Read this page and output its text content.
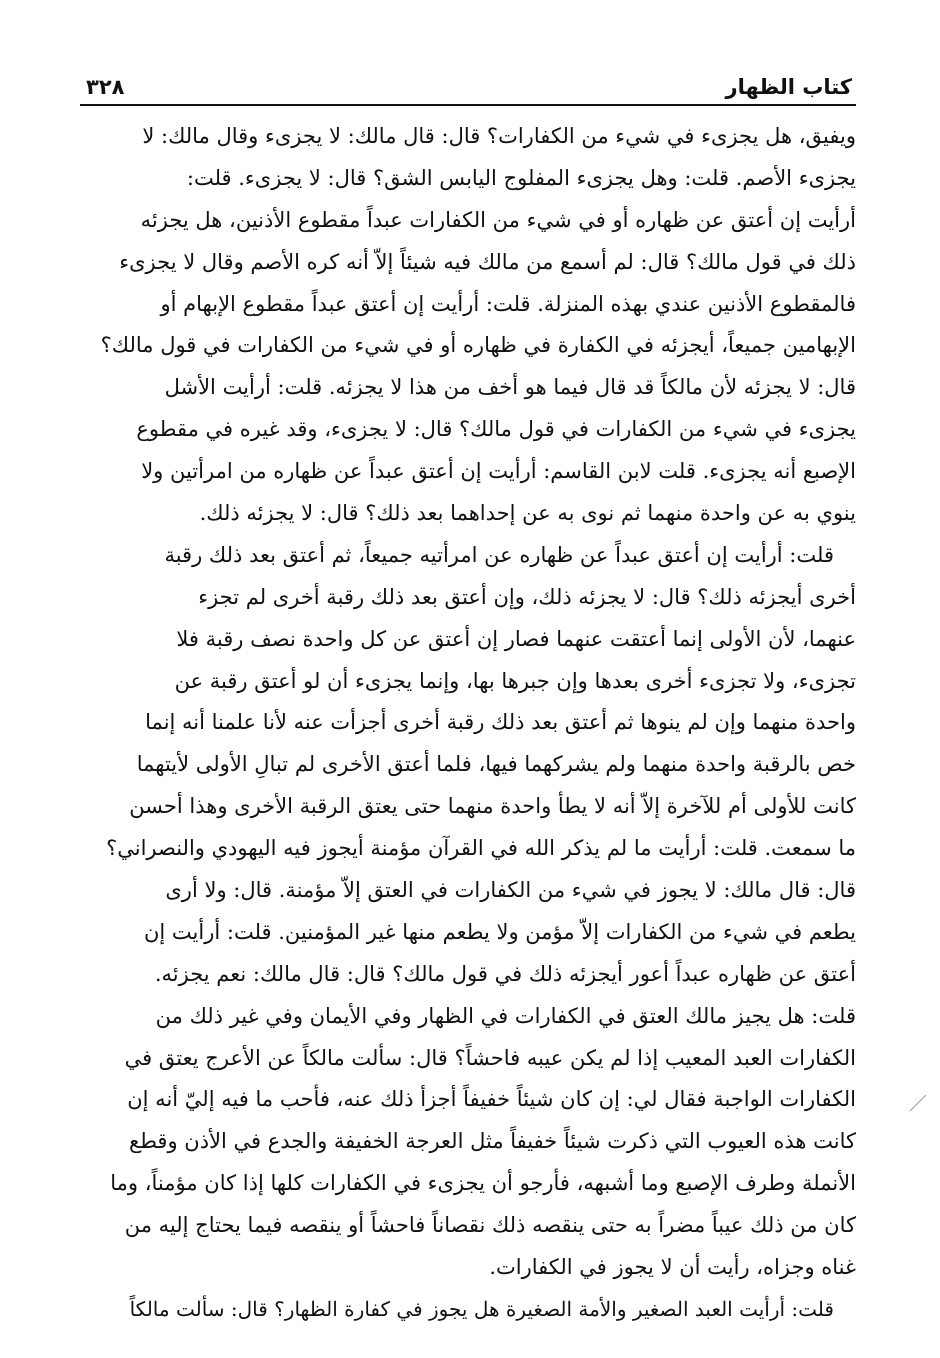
كتاب الظهار
٣٢٨
ويفيق، هل يجزىء في شيء من الكفارات؟ قال: قال مالك: لا يجزىء وقال مالك: لا
يجزىء الأصم. قلت: وهل يجزىء المفلوج اليابس الشق؟ قال: لا يجزىء. قلت:
أرأيت إن أعتق عن ظهاره أو في شيء من الكفارات عبداً مقطوع الأذنين، هل يجزئه
ذلك في قول مالك؟ قال: لم أسمع من مالك فيه شيئاً إلاّ أنه كره الأصم وقال لا يجزىء
فالمقطوع الأذنين عندي بهذه المنزلة. قلت: أرأيت إن أعتق عبداً مقطوع الإبهام أو
الإبهامين جميعاً، أيجزئه في الكفارة في ظهاره أو في شيء من الكفارات في قول مالك؟
قال: لا يجزئه لأن مالكاً قد قال فيما هو أخف من هذا لا يجزئه. قلت: أرأيت الأشل
يجزىء في شيء من الكفارات في قول مالك؟ قال: لا يجزىء، وقد غيره في مقطوع
الإصبع أنه يجزىء. قلت لابن القاسم: أرأيت إن أعتق عبداً عن ظهاره من امرأتين ولا
ينوي به عن واحدة منهما ثم نوى به عن إحداهما بعد ذلك؟ قال: لا يجزئه ذلك.
قلت: أرأيت إن أعتق عبداً عن ظهاره عن امرأتيه جميعاً، ثم أعتق بعد ذلك رقبة
أخرى أيجزئه ذلك؟ قال: لا يجزئه ذلك، وإن أعتق بعد ذلك رقبة أخرى لم تجزء
عنهما، لأن الأولى إنما أعتقت عنهما فصار إن أعتق عن كل واحدة نصف رقبة فلا
تجزىء، ولا تجزىء أخرى بعدها وإن جبرها بها، وإنما يجزىء أن لو أعتق رقبة عن
واحدة منهما وإن لم ينوها ثم أعتق بعد ذلك رقبة أخرى أجزأت عنه لأنا علمنا أنه إنما
خص بالرقبة واحدة منهما ولم يشركهما فيها، فلما أعتق الأخرى لم تبالِ الأولى لأيتهما
كانت للأولى أم للآخرة إلاّ أنه لا يطأ واحدة منهما حتى يعتق الرقبة الأخرى وهذا أحسن
ما سمعت. قلت: أرأيت ما لم يذكر الله في القرآن مؤمنة أيجوز فيه اليهودي والنصراني؟
قال: قال مالك: لا يجوز في شيء من الكفارات في العتق إلاّ مؤمنة. قال: ولا أرى
يطعم في شيء من الكفارات إلاّ مؤمن ولا يطعم منها غير المؤمنين. قلت: أرأيت إن
أعتق عن ظهاره عبداً أعور أيجزئه ذلك في قول مالك؟ قال: قال مالك: نعم يجزئه.
قلت: هل يجيز مالك العتق في الكفارات في الظهار وفي الأيمان وفي غير ذلك من
الكفارات العبد المعيب إذا لم يكن عيبه فاحشاً؟ قال: سألت مالكاً عن الأعرج يعتق في
الكفارات الواجبة فقال لي: إن كان شيئاً خفيفاً أجزأ ذلك عنه، فأحب ما فيه إليّ أنه إن
كانت هذه العيوب التي ذكرت شيئاً خفيفاً مثل العرجة الخفيفة والجدع في الأذن وقطع
الأنملة وطرف الإصبع وما أشبهه، فأرجو أن يجزىء في الكفارات كلها إذا كان مؤمناً، وما
كان من ذلك عيباً مضراً به حتى ينقصه ذلك نقصاناً فاحشاً أو ينقصه فيما يحتاج إليه من
غناه وجزاه، رأيت أن لا يجوز في الكفارات.
قلت: أرأيت العبد الصغير والأمة الصغيرة هل يجوز في كفارة الظهار؟ قال: سألت مالكاً
